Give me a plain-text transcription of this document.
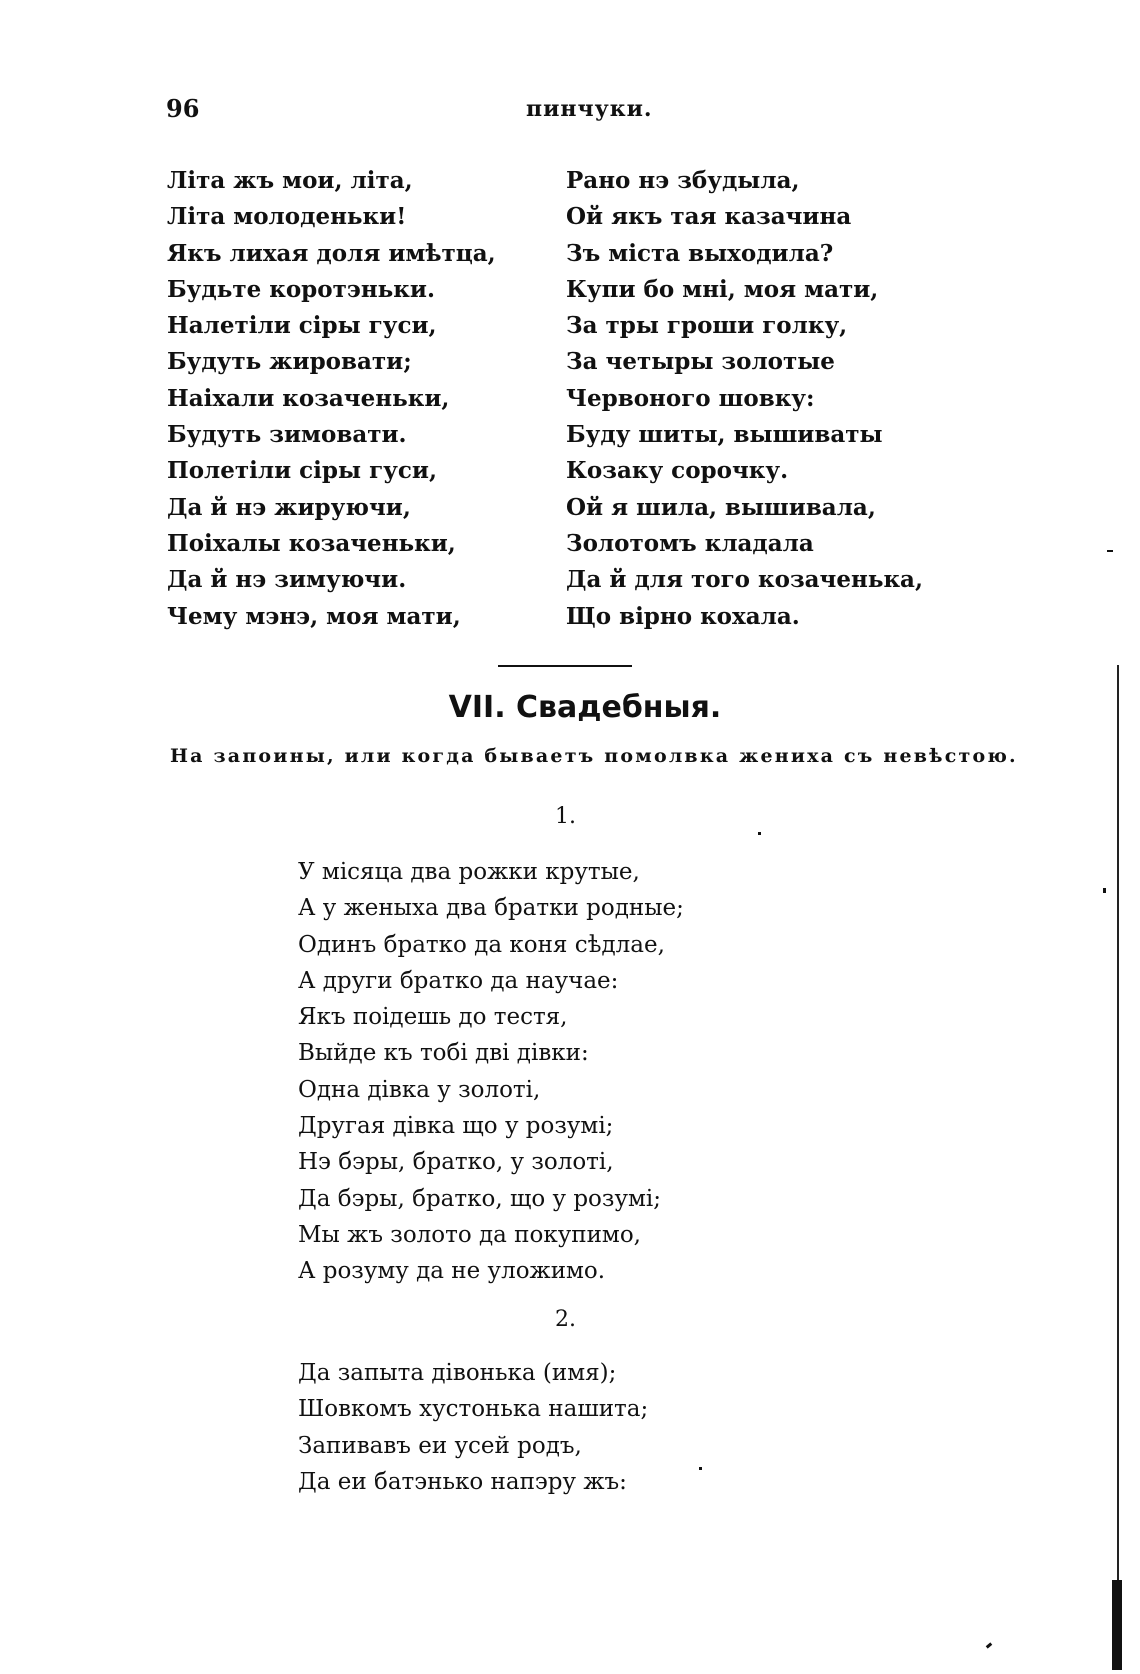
96	пинчуки.
Літа жъ мои, літа,
Літа молоденьки!
Якъ лихая доля имѣтца,
Будьте коротэньки.
Налетіли сіры гуси,
Будуть жировати;
Наіхали козаченьки,
Будуть зимовати.
Полетіли сіры гуси,
Да й нэ жируючи,
Поіхалы козаченьки,
Да й нэ зимуючи.
Чему мэнэ, моя мати,
Рано нэ збудыла,
Ой якъ тая казачина
Зъ міста выходила?
Купи бо мні, моя мати,
За тры гроши голку,
За четыры золотые
Червоного шовку:
Буду шиты, вышиваты
Козаку сорочку.
Ой я шила, вышивала,
Золотомъ кладала
Да й для того козаченька,
Що вірно кохала.
VII. Свадебныя.
На запоины, или когда бываетъ помолвка жениха съ невѣстою.
1.
У місяца два рожки крутые,
А у женыха два братки родные;
Одинъ братко да коня сѣдлае,
А други братко да научае:
Якъ поідешь до тестя,
Выйде къ тобі дві дівки:
Одна дівка у золоті,
Другая дівка що у розумі;
Нэ бэры, братко, у золоті,
Да бэры, братко, що у розумі;
Мы жъ золото да покупимо,
А розуму да не уложимо.
2.
Да запыта дівонька (имя);
Шовкомъ хустонька нашита;
Запивавъ еи усей родъ,
Да еи батэнько напэру жъ:
